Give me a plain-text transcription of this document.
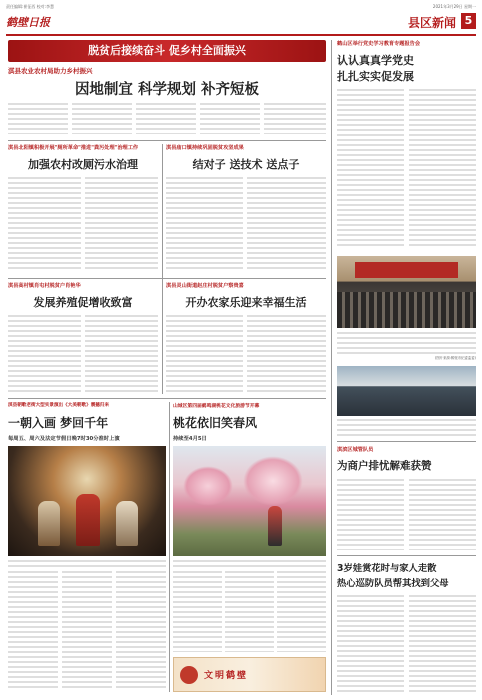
责任编辑:崔征西 校对:李慧
鹤壁日报
2021年3月29日 星期一
县区新闻 5
脱贫后接续奋斗 促乡村全面振兴
淇县农业农村局助力乡村振兴
因地制宜 科学规划 补齐短板
淇县北阳镇积极开展"厕所革命"推进"粪污处理"治理工作
加强农村改厕污水治理
淇县庙口镇持续巩固脱贫攻坚成果
结对子 送技术 送点子
淇县高村镇肖屯村脱贫户肖艳华
发展养殖促增收致富
淇县灵山街道赵庄村脱贫户察贵喜
开办农家乐迎来幸福生活
鹤山区举行党史学习教育专题报告会
认认真真学党史
扎扎实实促发展
(图片来源:鹤壁市纪委监委)
淇滨区城管队员
为商户排忧解难获赞
3岁娃赏花时与家人走散
热心巡防队员帮其找到父母
淇县朝歌老街大型实景演出《大美朝歌》震撼归来
一朝入画 梦回千年
每周五、周六及法定节假日晚7时30分准时上演
山城区第四届鹤鸣湖桃花文化旅游节开幕
桃花依旧笑春风
持续至4月5日
文明鹤壁
